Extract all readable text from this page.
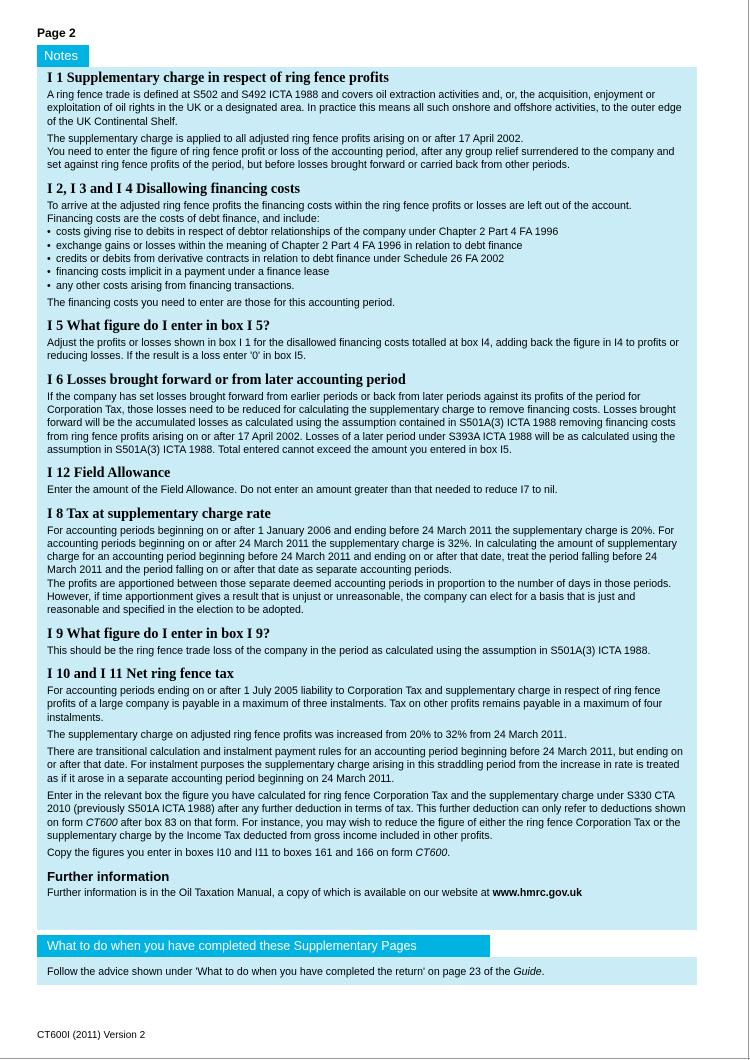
Page 2
Notes
I 1 Supplementary charge in respect of ring fence profits

A ring fence trade is defined at S502 and S492 ICTA 1988 and covers oil extraction activities and, or, the acquisition, enjoyment or exploitation of oil rights in the UK or a designated area. In practice this means all such onshore and offshore activities, to the outer edge of the UK Continental Shelf.

The supplementary charge is applied to all adjusted ring fence profits arising on or after 17 April 2002.

You need to enter the figure of ring fence profit or loss of the accounting period, after any group relief surrendered to the company and set against ring fence profits of the period, but before losses brought forward or carried back from other periods.

I 2, I 3 and I 4 Disallowing financing costs

To arrive at the adjusted ring fence profits the financing costs within the ring fence profits or losses are left out of the account.

Financing costs are the costs of debt finance, and include:

• costs giving rise to debits in respect of debtor relationships of the company under Chapter 2 Part 4 FA 1996
• exchange gains or losses within the meaning of Chapter 2 Part 4 FA 1996 in relation to debt finance
• credits or debits from derivative contracts in relation to debt finance under Schedule 26 FA 2002
• financing costs implicit in a payment under a finance lease
• any other costs arising from financing transactions.

The financing costs you need to enter are those for this accounting period.

I 5 What figure do I enter in box I 5?

Adjust the profits or losses shown in box I 1 for the disallowed financing costs totalled at box I4, adding back the figure in I4 to profits or reducing losses. If the result is a loss enter '0' in box I5.

I 6 Losses brought forward or from later accounting period

If the company has set losses brought forward from earlier periods or back from later periods against its profits of the period for Corporation Tax, those losses need to be reduced for calculating the supplementary charge to remove financing costs. Losses brought forward will be the accumulated losses as calculated using the assumption contained in S501A(3) ICTA 1988 removing financing costs from ring fence profits arising on or after 17 April 2002. Losses of a later period under S393A ICTA 1988 will be as calculated using the assumption in S501A(3) ICTA 1988. Total entered cannot exceed the amount you entered in box I5.

I 12 Field Allowance

Enter the amount of the Field Allowance. Do not enter an amount greater than that needed to reduce I7 to nil.

I 8 Tax at supplementary charge rate

For accounting periods beginning on or after 1 January 2006 and ending before 24 March 2011 the supplementary charge is 20%. For accounting periods beginning on or after 24 March 2011 the supplementary charge is 32%. In calculating the amount of supplementary charge for an accounting period beginning before 24 March 2011 and ending on or after that date, treat the period falling before 24 March 2011 and the period falling on or after that date as separate accounting periods.

The profits are apportioned between those separate deemed accounting periods in proportion to the number of days in those periods. However, if time apportionment gives a result that is unjust or unreasonable, the company can elect for a basis that is just and reasonable and specified in the election to be adopted.

I 9 What figure do I enter in box I 9?

This should be the ring fence trade loss of the company in the period as calculated using the assumption in S501A(3) ICTA 1988.

I 10 and I 11 Net ring fence tax

For accounting periods ending on or after 1 July 2005 liability to Corporation Tax and supplementary charge in respect of ring fence profits of a large company is payable in a maximum of three instalments. Tax on other profits remains payable in a maximum of four instalments.

The supplementary charge on adjusted ring fence profits was increased from 20% to 32% from 24 March 2011.

There are transitional calculation and instalment payment rules for an accounting period beginning before 24 March 2011, but ending on or after that date. For instalment purposes the supplementary charge arising in this straddling period from the increase in rate is treated as if it arose in a separate accounting period beginning on 24 March 2011.

Enter in the relevant box the figure you have calculated for ring fence Corporation Tax and the supplementary charge under S330 CTA 2010 (previously S501A ICTA 1988) after any further deduction in terms of tax. This further deduction can only refer to deductions shown on form CT600 after box 83 on that form. For instance, you may wish to reduce the figure of either the ring fence Corporation Tax or the supplementary charge by the Income Tax deducted from gross income included in other profits.

Copy the figures you enter in boxes I10 and I11 to boxes 161 and 166 on form CT600.

Further information

Further information is in the Oil Taxation Manual, a copy of which is available on our website at www.hmrc.gov.uk

What to do when you have completed these Supplementary Pages
Follow the advice shown under 'What to do when you have completed the return' on page 23 of the Guide.
CT600I (2011) Version 2
